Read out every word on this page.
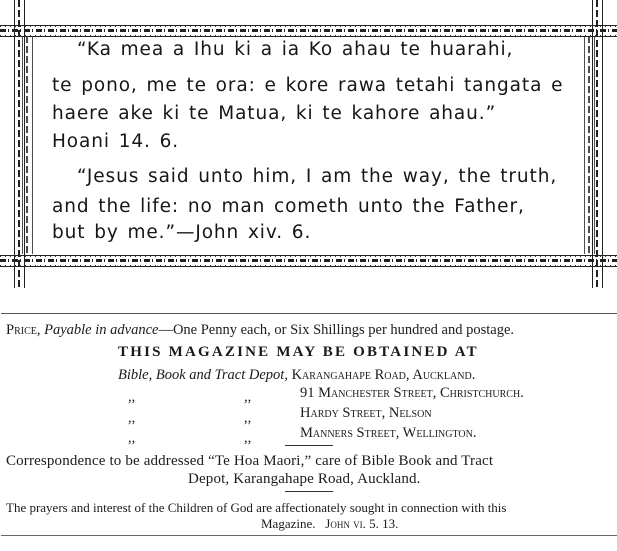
“Ka mea a Ihu ki a ia Ko ahau te huarahi,
te pono, me te ora: e kore rawa tetahi tangata e
haere ake ki te Matua, ki te kahore ahau.”
Hoani 14. 6.
“Jesus said unto him, I am the way, the truth,
and the life: no man cometh unto the Father,
but by me.”—John xiv. 6.
Price, Payable in advance—One Penny each, or Six Shillings per hundred and postage.
THIS MAGAZINE MAY BE OBTAINED AT
Bible, Book and Tract Depot, Karangahape Road, Auckland.
,,	,,	91 Manchester Street, Christchurch.
,,	,,	Hardy Street, Nelson
,,	,,	Manners Street, Wellington.
Correspondence to be addressed “Te Hoa Maori,” care of Bible Book and Tract
Depot, Karangahape Road, Auckland.
The prayers and interest of the Children of God are affectionately sought in connection with this
Magazine. John vi. 5. 13.
